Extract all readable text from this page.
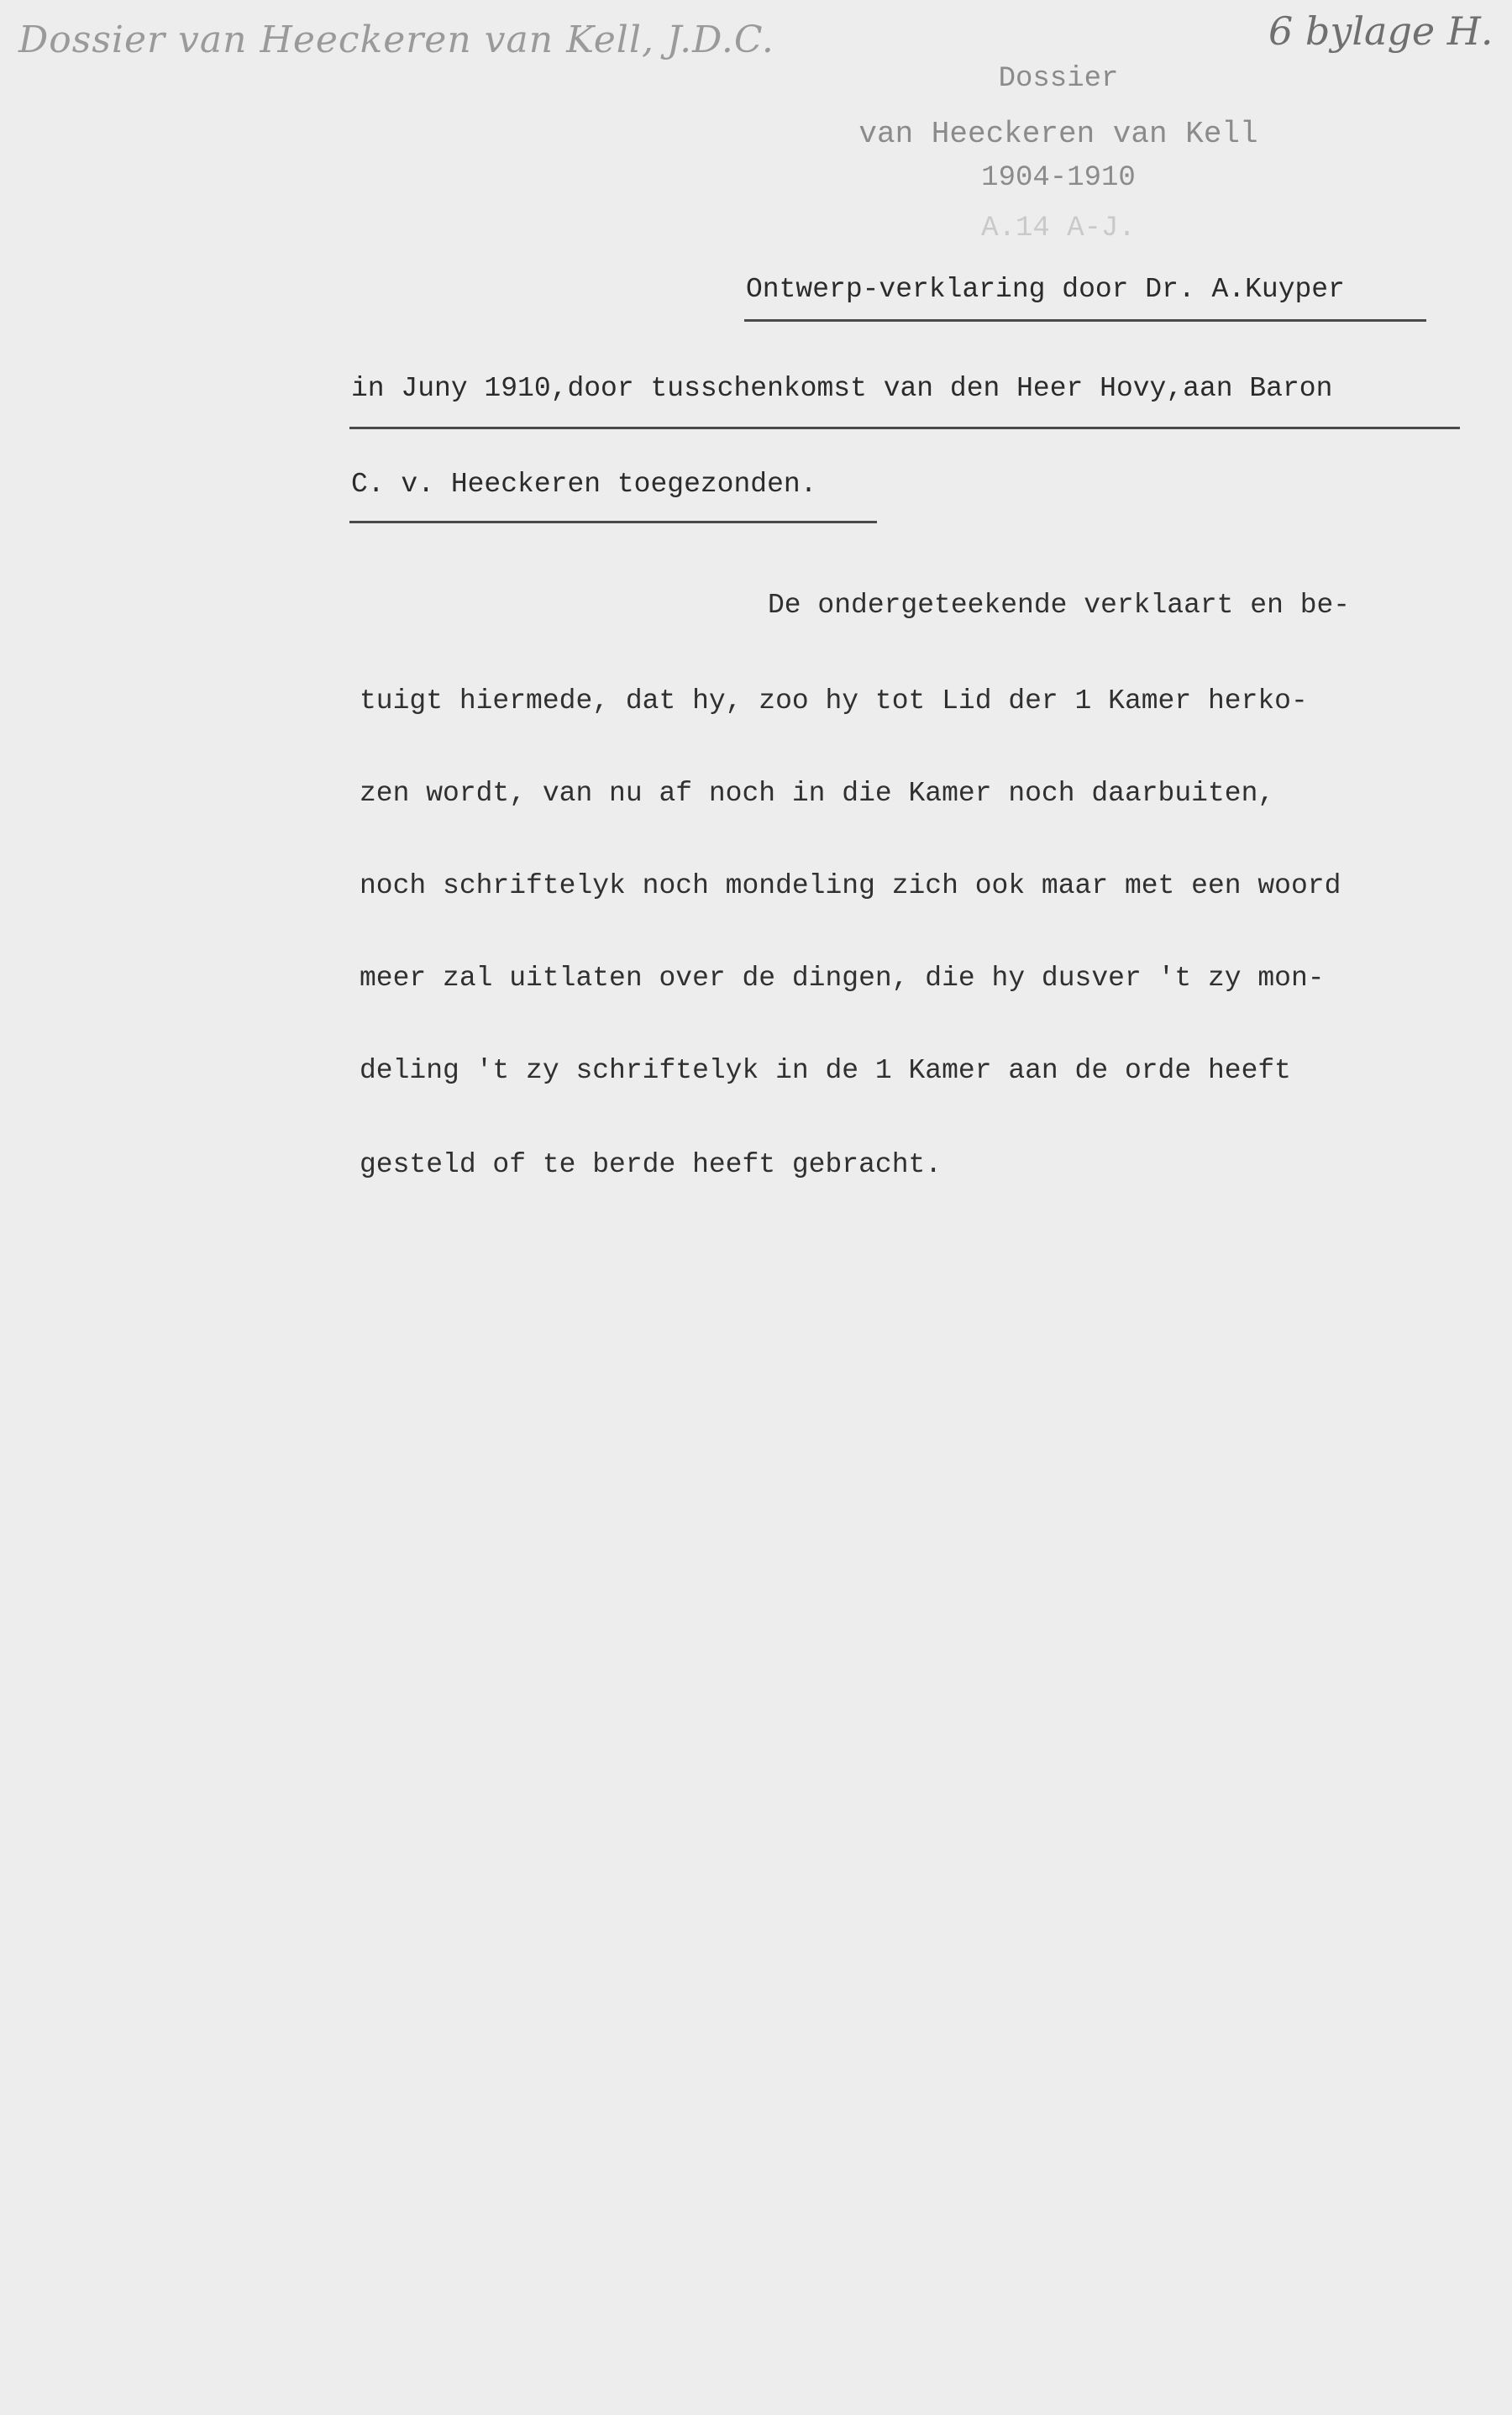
Dossier van Heeckeren van Kell, J.D.C.	6 bylage H.
Dossier
van Heeckeren van Kell
1904-1910
A.14 A-J.
Ontwerp-verklaring door Dr. A.Kuyper
in Juny 1910,door tusschenkomst van den Heer Hovy,aan Baron
C. v. Heeckeren toegezonden.
De ondergeteekende verklaart en be-
tuigt hiermede, dat hy, zoo hy tot Lid der 1 Kamer herko-
zen wordt, van nu af noch in die Kamer noch daarbuiten,
noch schriftelyk noch mondeling zich ook maar met een woord
meer zal uitlaten over de dingen, die hy dusver 't zy mon-
deling 't zy schriftelyk in de 1 Kamer aan de orde heeft
gesteld of te berde heeft gebracht.
